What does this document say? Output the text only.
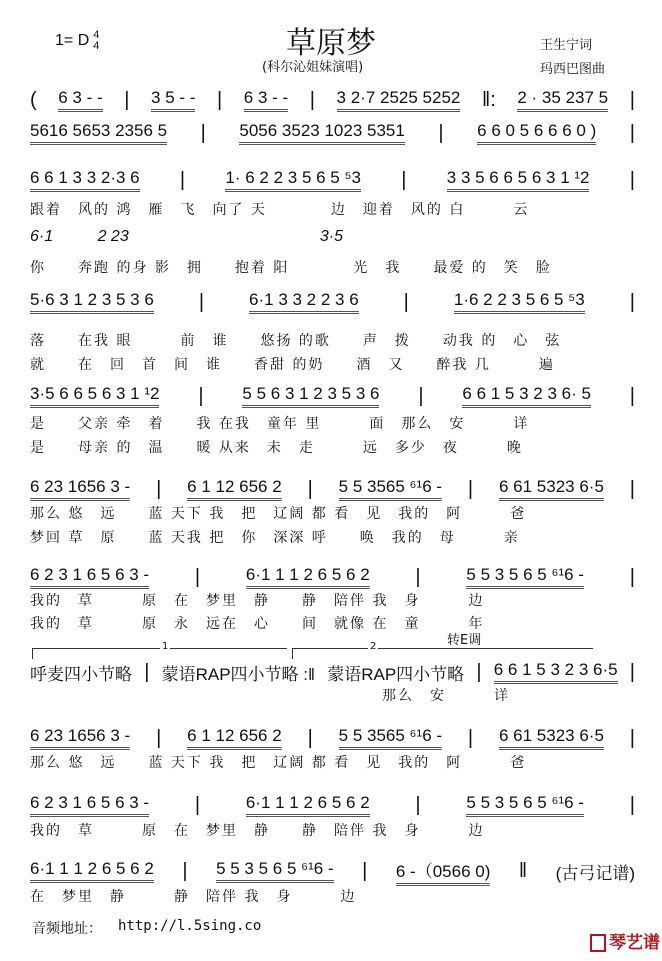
1= D 4
4	草原梦
(科尔沁姐妹演唱)
王生宁词
玛西巴图曲
( 6 3 - - | 3 5 - - | 6 3 - - | 3 2·7 2525 5252 ‖: 2 · 35 237 5 |
5616 5653 2356 5 | 5056 3523 1023 5351 | 6 6 0 5 6 6 6 0 ) |
6 6 1 3 3 2·3 6 | 1· 6 2 2 3 5 6 5 ⁵3 | 3 3 5 6 6 5 6 3 1 ¹2 |
5·6 3 1 2 3 5 3 6 |	6·1 3 3 2 2 3 6 |	1·6 2 2 3 5 6 5 ⁵3 |
3·5 6 6 5 6 3 1 ¹2 | 5 5 6 3 1 2 3 5 3 6 | 6 6 1 5 3 2 3 6· 5 |
6 23 1656 3 - | 6 1 12 656 2 | 5 5 3565 ⁶¹6 - | 6 61 5323 6·5 |
6 2 3 1 6 5 6 3 - |	6·1 1 1 2 6 5 6 2 |	5 5 3 5 6 5 ⁶¹6 - |
呼麦四小节略 | 蒙语RAP四小节略 :‖ 蒙语RAP四小节略 | 6 6 1 5 3 2 3 6·5 |
6 23 1656 3 - | 6 1 12 656 2 | 5 5 3565 ⁶¹6 - | 6 61 5323 6·5 |
6 2 3 1 6 5 6 3 - |	6·1 1 1 2 6 5 6 2 |	5 5 3 5 6 5 ⁶¹6 - |
6·1 1 1 2 6 5 6 2 | 5 5 3 5 6 5 ⁶¹6 - | 6 -（0566 0) ‖ (古弓记谱)
跟着　风的 鸿　雁　飞　向了 天　　　　边　迎着　风的 白　　　云
你　　奔跑 的身 影　拥　　抱着 阳　　　　光　我　　最爱 的　笑　脸
落　　在我 眼　　　前　谁　　悠扬 的歌　　声　拨　　动我 的　心　弦
就　　在　回　首　间　谁　　香甜 的奶　　酒　又　　醉我 几　　　遍
是　　父亲 牵　着　　我 在我　童年 里　　　面　那么　安　　　详
是　　母亲 的　温　　暖 从来　未　走　　　远　多少　夜　　　晚
那么 悠　远　　蓝 天下 我　把　辽阔 都 看　见　我的　阿　　　爸
梦回 草　原　　蓝 天我 把　你　深深 呼　　唤　我的　母　　　亲
我的　草　　　原　在　梦里　静　　静　陪伴 我　身　　　边
我的　草　　　原　永　远在　心　　间　就像 在　童　　　年
　　　　　　　　　　　　　　　　　　　　　　那么　安　　　详
那么 悠　远　　蓝 天下 我　把　辽阔 都 看　见　我的　阿　　　爸
我的　草　　　原　在　梦里　静　　静　陪伴 我　身　　　边
在　梦里　静　　　静　陪伴 我　身　　　边
6·1          2 23                                           3·5
转E调
1	2
音频地址： http://l.5sing.co
琴艺谱
